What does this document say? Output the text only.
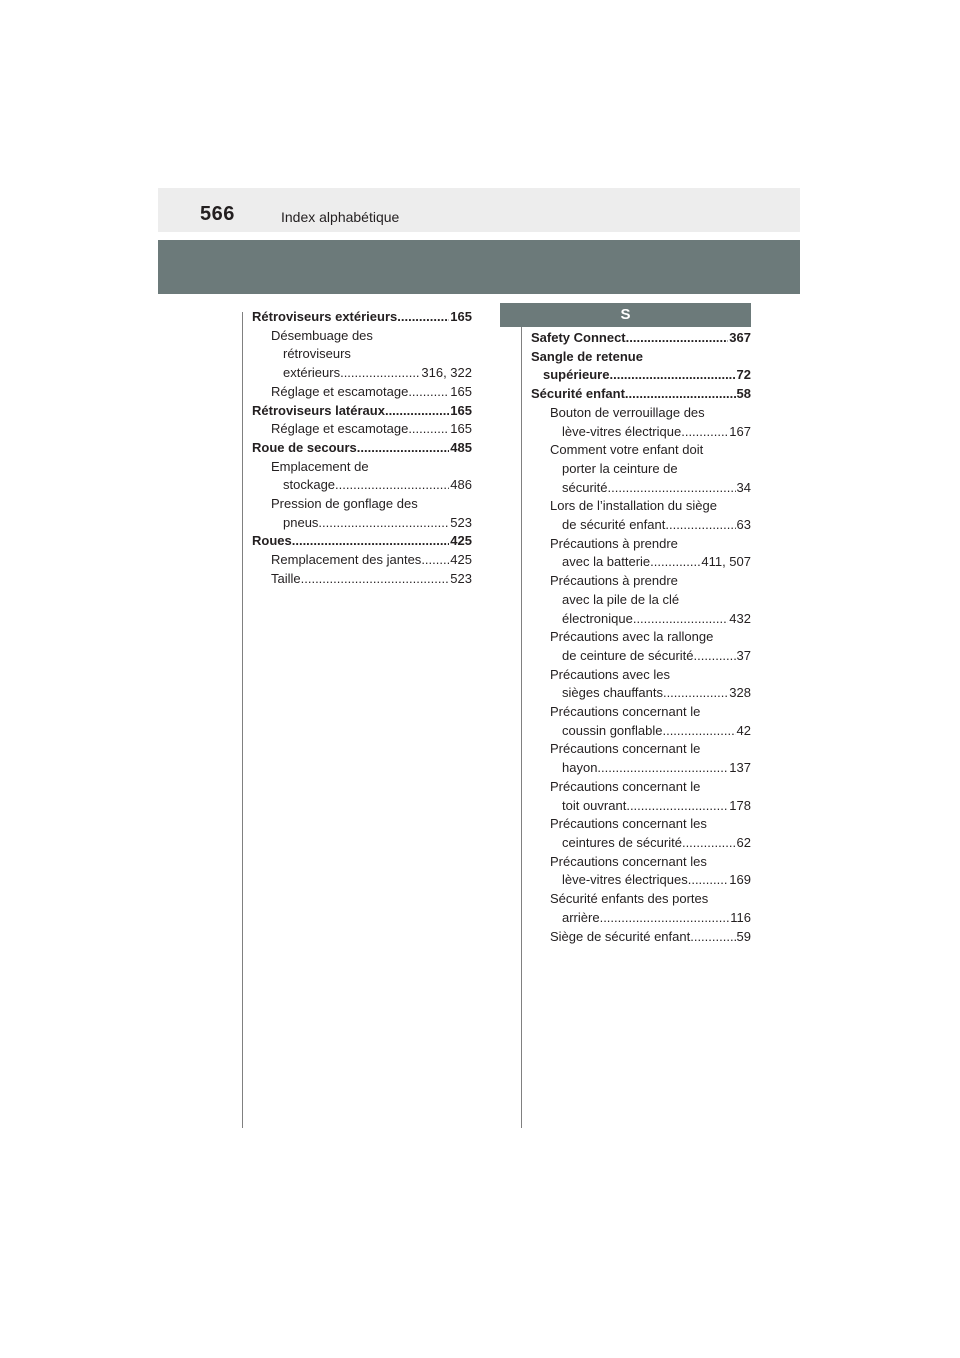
566	Index alphabétique
S
Rétroviseurs extérieurs .....	165
Désembuage des
rétroviseurs
extérieurs .....	316, 322
Réglage et escamotage .....	165
Rétroviseurs latéraux .....	165
Réglage et escamotage .....	165
Roue de secours .....	485
Emplacement de
stockage .....	486
Pression de gonflage des
pneus .....	523
Roues .....	425
Remplacement des jantes ..... 425
Taille .....	523
Safety Connect .....	367
Sangle de retenue
supérieure .....	72
Sécurité enfant .....	58
Bouton de verrouillage des
lève-vitres électrique .....	167
Comment votre enfant doit
porter la ceinture de
sécurité .....	34
Lors de l’installation du siège
de sécurité enfant .....	63
Précautions à prendre
avec la batterie .....	411, 507
Précautions à prendre
avec la pile de la clé
électronique .....	432
Précautions avec la rallonge
de ceinture de sécurité .....	37
Précautions avec les
sièges chauffants .....	328
Précautions concernant le
coussin gonflable .....	42
Précautions concernant le
hayon .....	137
Précautions concernant le
toit ouvrant .....	178
Précautions concernant les
ceintures de sécurité .....	62
Précautions concernant les
lève-vitres électriques .....	169
Sécurité enfants des portes
arrière .....	116
Siège de sécurité enfant .....	59
